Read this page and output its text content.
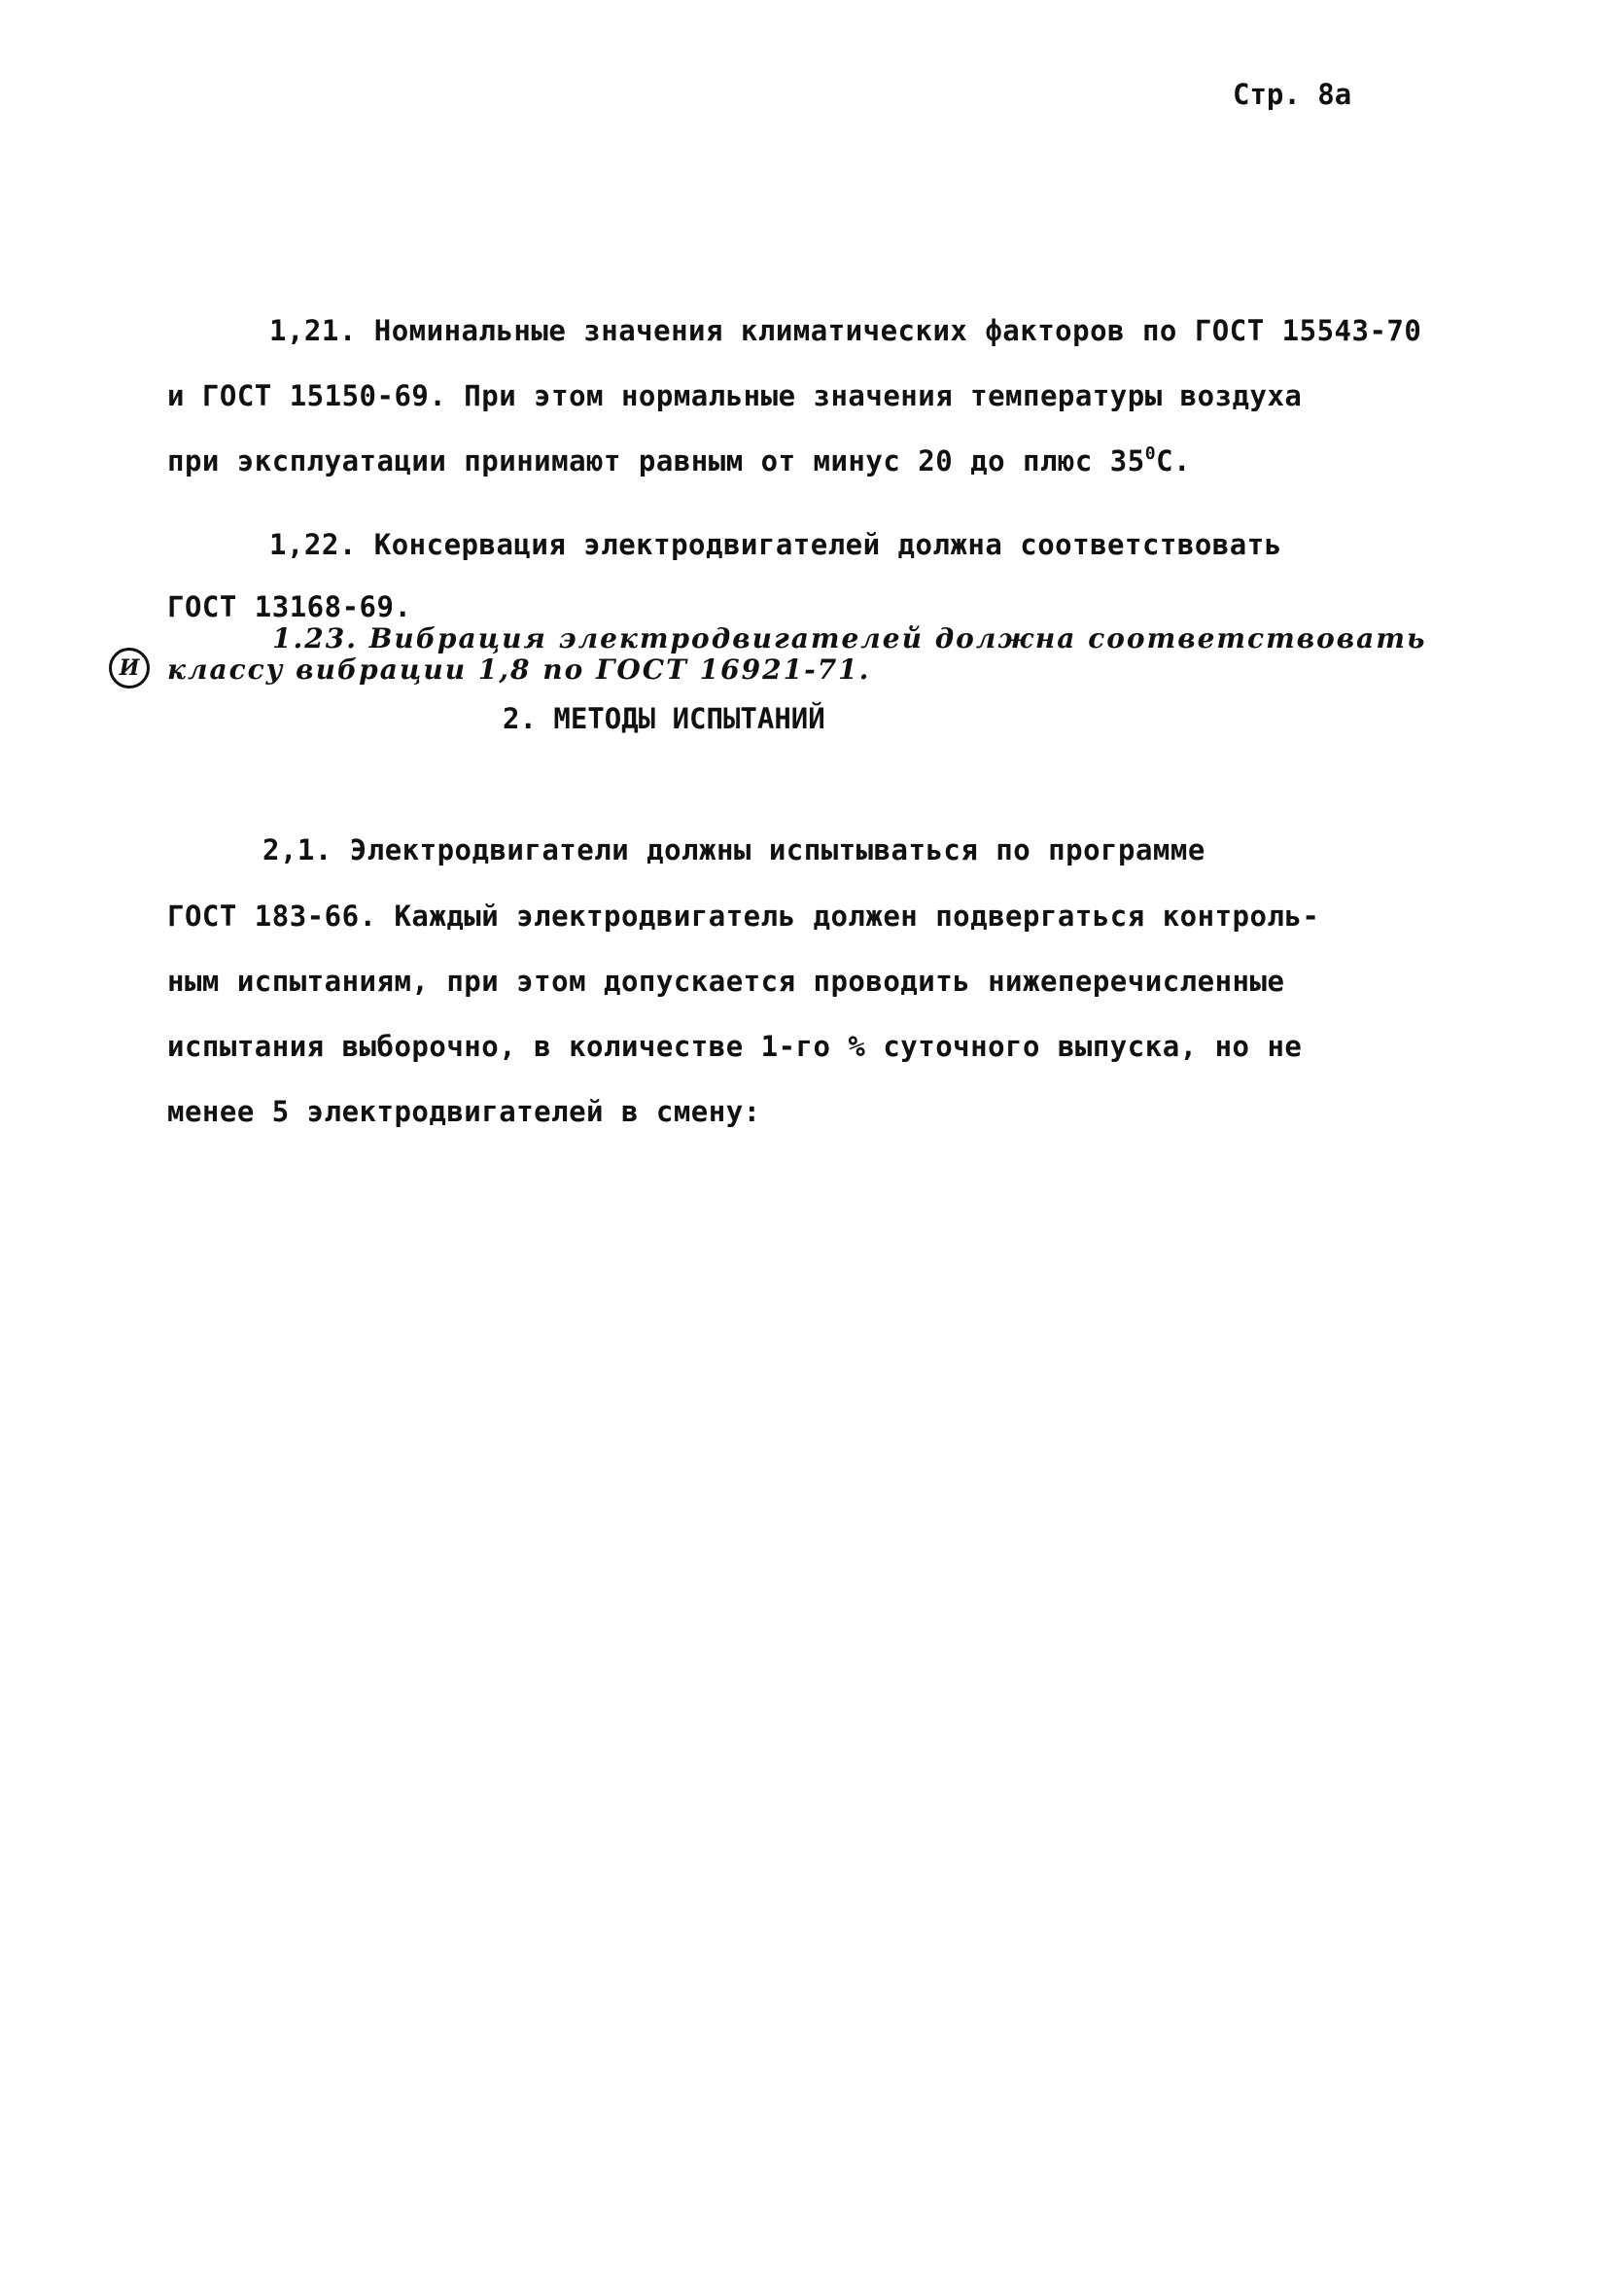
Стр. 8а
1,21. Номинальные значения климатических факторов по ГОСТ 15543-70
и ГОСТ 15150-69. При этом нормальные значения температуры воздуха
при эксплуатации принимают равным от минус 20 до плюс $35^0С$.
1,22. Консервация электродвигателей должна соответствовать
ГОСТ 13168-69.
1.23. Вибрация электродвигателей должна соответствовать
И	классу вибрации 1,8 по ГОСТ 16921-71.
2. МЕТОДЫ ИСПЫТАНИЙ
2,1. Электродвигатели должны испытываться по программе
ГОСТ 183-66. Каждый электродвигатель должен подвергаться контроль-
ным испытаниям, при этом допускается проводить нижеперечисленные
испытания выборочно, в количестве 1-го % суточного выпуска, но не
менее 5 электродвигателей в смену:
